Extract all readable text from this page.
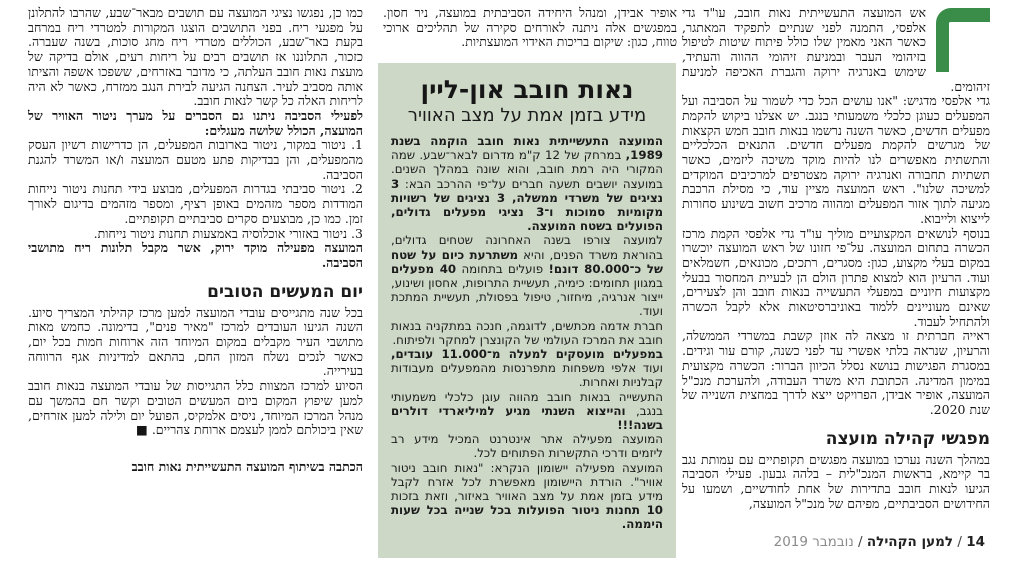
אש המועצה התעשייתית נאות חובב, עו"ד גדי אלפסי, התמנה לפני שנתיים לתפקיד המאתגר, כאשר האני מאמין שלו כולל פיתוח שיטות לטיפול בזיהומי העבר ובמניעת זיהומי ההווה והעתיד, שימוש באנרגיה ירוקה והגברת האכיפה למניעת זיהומים.

גדי אלפסי מדגיש: "אנו עושים הכל כדי לשמור על הסביבה ועל המפעלים כעוגן כלכלי משמעותי בנגב. יש אצלנו ביקוש להקמת מפעלים חדשים, כאשר השנה נרשמו בנאות חובב חמש הקצאות של מגרשים להקמת מפעלים חדשים. התנאים הכלכליים והתשתית מאפשרים לנו להיות מוקד משיכה ליזמים, כאשר תשתיות תחבורה ואנרגיה ירוקה מצטרפים למרכיבים המוקדים למשיכה שלנו". ראש המועצה מציין עוד, כי מסילת הרכבת מגיעה לתוך אזור המפעלים ומהווה מרכיב חשוב בשינוע סחורות לייצוא ולייבוא.

בנוסף לנושאים המקצועיים מוליך עו"ד גדי אלפסי הקמת מרכז הכשרה בתחום המועצה. על־פי חזונו של ראש המועצה יוכשרו במקום בעלי מקצוע, כגון: מסגרים, רתכים, מכונאים, חשמלאים ועוד. הרעיון הוא למצוא פתרון הולם הן לבעיית המחסור בבעלי מקצועות חיוניים במפעלי התעשייה בנאות חובב והן לצעירים, שאינם מעוניינים ללמוד באוניברסיטאות אלא לקבל הכשרה ולהתחיל לעבוד.

ראייה חברתית זו מצאה לה אוזן קשבת במשרדי הממשלה, והרעיון, שנראה בלתי אפשרי עד לפני כשנה, קורם עור וגידים. במסגרת הפגישות בנושא נסלל הכיוון הברור: הכשרה מקצועית במימון המדינה. הכתובת היא משרד העבודה, ולהערכת מנכ"ל המועצה, אופיר אבידן, הפרויקט ייצא לדרך במחצית השנייה של שנת 2020.

מפגשי קהילה מועצה

במהלך השנה נערכו במועצה מפגשים תקופתיים עם עמותת נגב בר קיימא, בראשות המנכ"לית – בלהה גבעון. פעילי הסביבה הגיעו לנאות חובב בתדירות של אחת לחודשיים, ושמעו על החידושים הסביבתיים, מפיהם של מנכ"ל המועצה,

אופיר אבידן, ומנהל היחידה הסביבתית במועצה, ניר חסון. במפגשים אלה ניתנה לאורחים סקירה של תהליכים ארוכי טווח, כגון: שיקום בריכות האידוי המועצתיות.

נאות חובב און-ליין
מידע בזמן אמת על מצב האוויר

המועצה התעשייתית נאות חובב הוקמה בשנת 1989, במרחק של 12 ק"מ מדרום לבאר־שבע. שמה המקורי היה רמת חובב, והוא שונה במהלך השנים. במועצה יושבים תשעה חברים על־פי ההרכב הבא: 3 נציגים של משרדי ממשלה, 3 נציגים של רשויות מקומיות סמוכות ו־3 נציגי מפעלים גדולים, הפועלים בשטח המועצה.

למועצה צורפו בשנה האחרונה שטחים גדולים, בהוראת משרד הפנים, והיא משתרעת כיום על שטח של כ־80.000 דונם! פועלים בתחומה 40 מפעלים במגוון תחומים: כימיה, תעשיית התרופות, אחסון ושינוע, ייצור אנרגיה, מיחזור, טיפול בפסולת, תעשיית המתכת ועוד.

חברת אדמה מכתשים, לדוגמה, חנכה במתקניה בנאות חובב את המרכז העולמי של הקונצרן למחקר ולפיתוח.

במפעלים מועסקים למעלה מ־11.000 עובדים, ועוד אלפי משפחות מתפרנסות מהמפעלים מעבודות קבלניות ואחרות.

התעשייה בנאות חובב מהווה עוגן כלכלי משמעותי בנגב, והייצוא השנתי מגיע למיליארדי דולרים בשנה!!!

המועצה מפעילה אתר אינטרנט המכיל מידע רב ליזמים ודרכי התקשרות הפתוחים לכל.

המועצה מפעילה יישומון הנקרא: "נאות חובב ניטור אוויר". הורדת היישומון מאפשרת לכל אזרח לקבל מידע בזמן אמת על מצב האוויר באיזור, וזאת בזכות 10 תחנות ניטור הפועלות בכל שנייה בכל שעות היממה.

כמו כן, נפגשו נציגי המועצה עם תושבים מבאר־שבע, שהרבו להתלונן על מפגעי ריח. בפני התושבים הוצגו המקורות למטרדי ריח במרחב בקעת באר־שבע, הכוללים מטרדי ריח מחג סוכות, בשנה שעברה. כזכור, התלוננו אז תושבים רבים על ריחות רעים, אולם בדיקה של מועצת נאות חובב העלתה, כי מדובר באזרחים, ששפכו אשפה והציתו אותה מסביב לעיר. הצחנה הגיעה לבירת הנגב ממזרח, כאשר לא היה לריחות האלה כל קשר לנאות חובב.

לפעילי הסביבה ניתנו גם הסברים על מערך ניטור האוויר של המועצה, הכולל שלושה מעגלים:

1. ניטור במקור, ניטור בארובות המפעלים, הן כדרישות רשיון העסק מהמפעלים, והן בבדיקות פתע מטעם המועצה ו/או המשרד להגנת הסביבה.

2. ניטור סביבתי בגדרות המפעלים, מבוצע בידי תחנות ניטור נייחות המודדות מספר מזהמים באופן רציף, ומספר מזהמים בדיגום לאורך זמן. כמו כן, מבוצעים סקרים סביבתיים תקופתיים.

3. ניטור באזורי אוכלוסיה באמצעות תחנות ניטור נייחות.

המועצה מפעילה מוקד ירוק, אשר מקבל תלונות ריח מתושבי הסביבה.

יום המעשים הטובים

בכל שנה מתגייסים עובדי המועצה למען מרכז קהילתי המצריך סיוע. השנה הגיעו העובדים למרכז "מאיר פנים", בדימונה. כחמש מאות מתושבי העיר מקבלים במקום המיוחד הזה ארוחות חמות בכל יום, כאשר לנכים נשלח המזון החם, בהתאם למדיניות אגף הרווחה בעירייה.

הסיוע למרכז המצוות כלל התגייסות של עובדי המועצה בנאות חובב למען שיפוץ המקום ביום המעשים הטובים וקשר חם בהמשך עם מנהל המרכז המיוחד, ניסים אלמקיס, הפועל יום ולילה למען אזרחים, שאין ביכולתם לממן לעצמם ארוחת צהריים. ■

הכתבה בשיתוף המועצה התעשייתית נאות חובב

14 / למען הקהילה / נובמבר 2019
